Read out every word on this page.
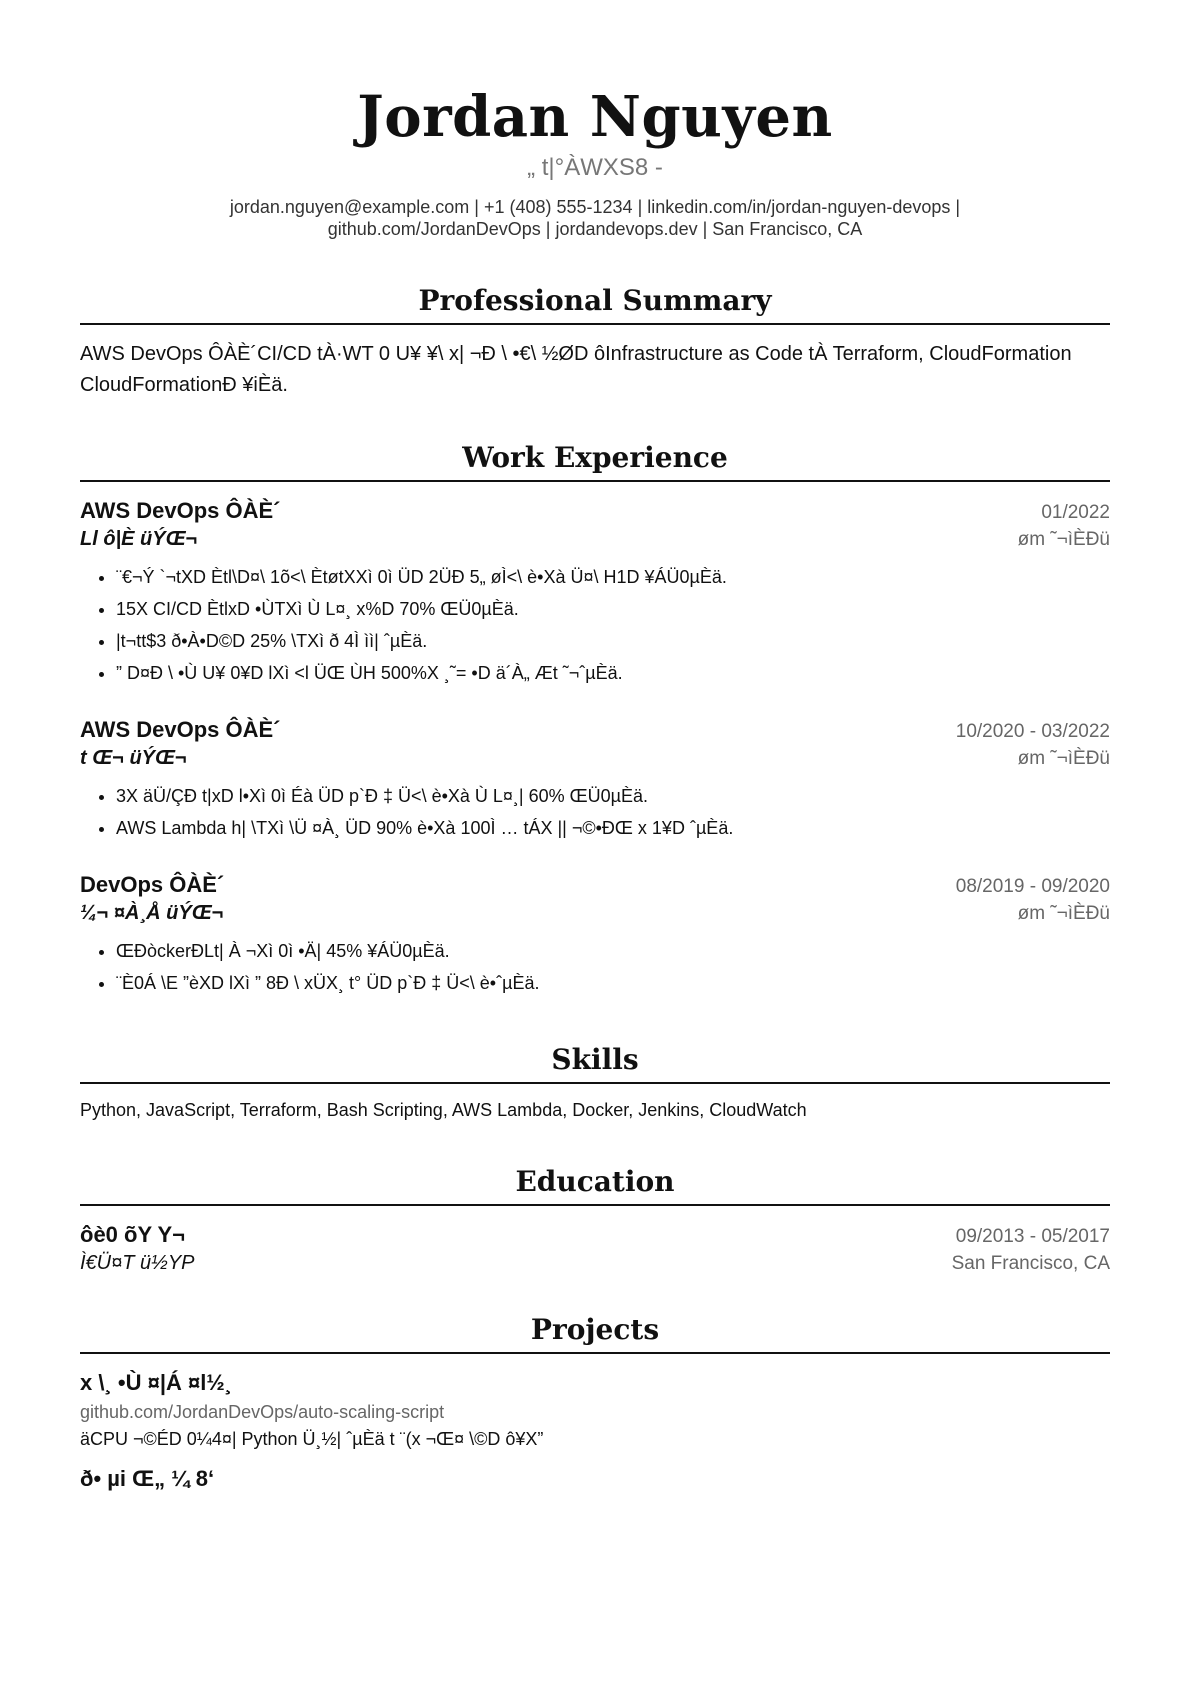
Jordan Nguyen
„ t|°ÀWXS8 -
jordan.nguyen@example.com | +1 (408) 555-1234 | linkedin.com/in/jordan-nguyen-devops |
github.com/JordanDevOps | jordandevops.dev | San Francisco, CA
Professional Summary
AWS DevOps ÔÀÈ´CI/CD tÀ·WT 0 U¥ ¥\ x| ¬Ð \ •€\ ½ØD ôInfrastructure as Code tÀ Terraform, CloudFormation
CloudFormationÐ ¥iÈä.
Work Experience
AWS DevOps ÔÀÈ´	01/2022
Ll ô|È üÝŒ¬	øm ˜¬ìÈÐü
• ¨€¬Ý `¬tXD Ètl\D¤\ 1õ<\ ÈtøtXXì 0ì ÜD 2ÜÐ 5„ øÌ<\ è•Xà Ü¤\ H1D ¥ÁÜ0µÈä.
• 15X CI/CD ÈtlxD •ÙTXì Ù L¤¸ x%D 70% ŒÜ0µÈä.
• |t¬tt$3 ð•À•D©D 25% \TXì ð 4Ì ìì| ˆµÈä.
• ” D¤Ð \ •Ù U¥ 0¥D lXì <l ÜŒ ÙH 500%X ¸˜= •D ä´À„ Æt ˜¬ˆµÈä.
AWS DevOps ÔÀÈ´	10/2020 - 03/2022
t Œ¬ üÝŒ¬	øm ˜¬ìÈÐü
• 3X äÜ/ÇÐ t|xD l•Xì 0ì Éà ÜD p`Ð ‡ Ü<\ è•Xà Ù L¤¸| 60% ŒÜ0µÈä.
• AWS Lambda h| \TXì \Ü ¤À¸ ÜD 90% è•Xà 100Ì … tÁX || ¬©•ÐŒ x 1¥D ˆµÈä.
DevOps ÔÀÈ´	08/2019 - 09/2020
¼¬ ¤À¸Å üÝŒ¬	øm ˜¬ìÈÐü
• ŒÐòckerÐLt| À ¬Xì 0ì •Ä| 45% ¥ÁÜ0µÈä.
• ¨È0Á \E ”èXD lXì ” 8Ð \ xÜX¸ t° ÜD p`Ð ‡ Ü<\ è•ˆµÈä.
Skills
Python, JavaScript, Terraform, Bash Scripting, AWS Lambda, Docker, Jenkins, CloudWatch
Education
ôè0 õY Y¬	09/2013 - 05/2017
Ì€Ü¤T ü½YP	San Francisco, CA
Projects
x \¸ •Ù ¤|Á ¤l½¸
github.com/JordanDevOps/auto-scaling-script
äCPU ¬©ÉD 0¼4¤| Python Ü¸½| ˆµÈä t ¨(x ¬Œ¤ \©D ô¥X”
ð• µi Œ„ ¼ 8‘
